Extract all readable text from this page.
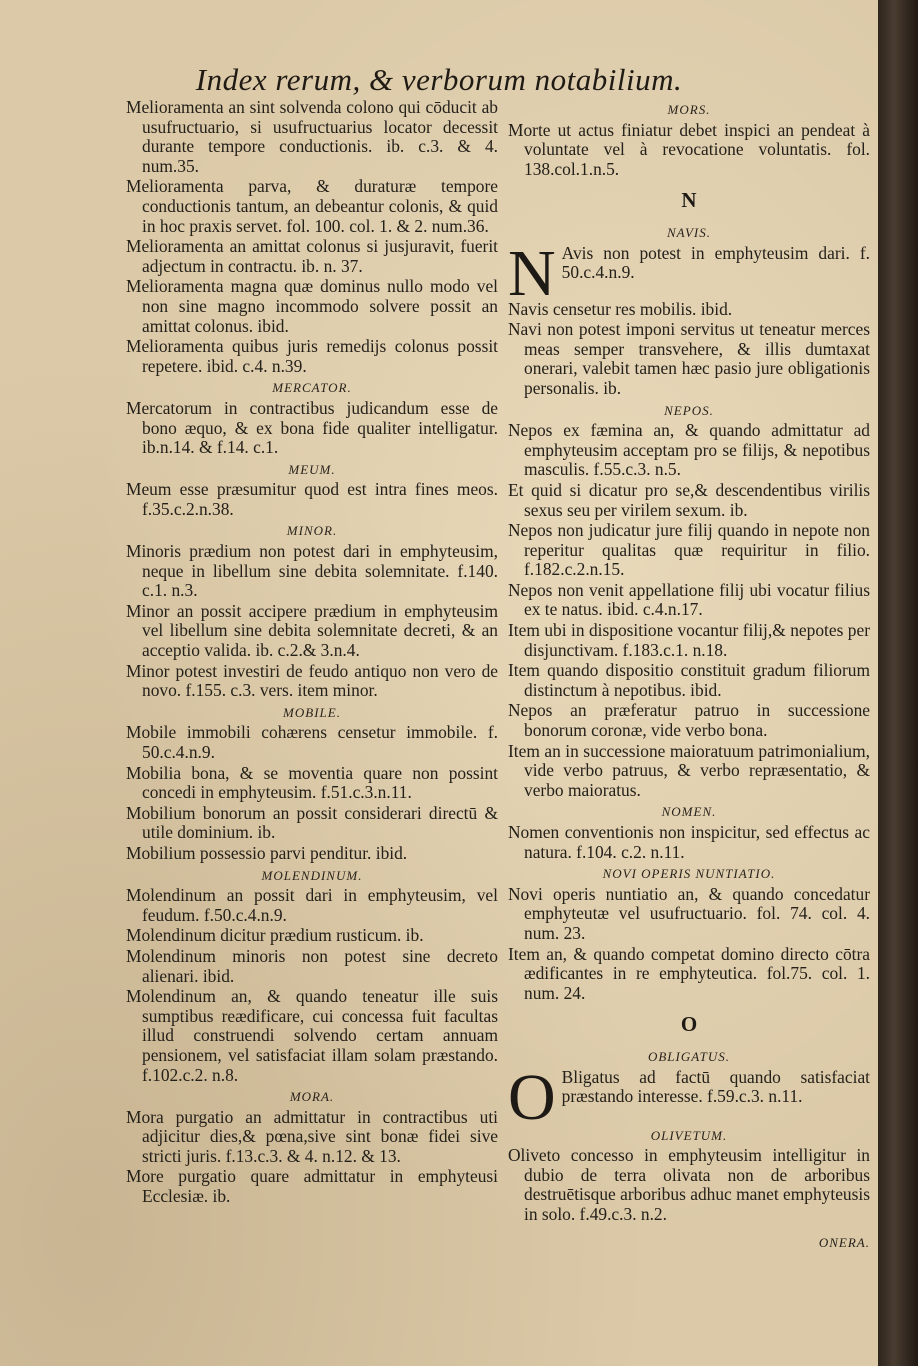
Index rerum, & verborum notabilium.
Melioramenta an sint solvenda colono qui cōducit ab usufructuario, si usufructuarius locator decessit durante tempore conductionis. ib. c.3. & 4. num.35.
Melioramenta parva, & duraturæ tempore conductionis tantum, an debeantur colonis, & quid in hoc praxis servet. fol. 100. col. 1. & 2. num.36.
Melioramenta an amittat colonus si jusjuravit, fuerit adjectum in contractu. ib. n. 37.
Melioramenta magna quæ dominus nullo modo vel non sine magno incommodo solvere possit an amittat colonus. ibid.
Melioramenta quibus juris remedijs colonus possit repetere. ibid. c.4. n.39.
MERCATOR.
Mercatorum in contractibus judicandum esse de bono æquo, & ex bona fide qualiter intelligatur. ib.n.14. & f.14. c.1.
MEUM.
Meum esse præsumitur quod est intra fines meos. f.35.c.2.n.38.
MINOR.
Minoris prædium non potest dari in emphyteusim, neque in libellum sine debita solemnitate. f.140. c.1. n.3.
Minor an possit accipere prædium in emphyteusim vel libellum sine debita solemnitate decreti, & an acceptio valida. ib. c.2.& 3.n.4.
Minor potest investiri de feudo antiquo non vero de novo. f.155. c.3. vers. item minor.
MOBILE.
Mobile immobili cohærens censetur immobile. f. 50.c.4.n.9.
Mobilia bona, & se moventia quare non possint concedi in emphyteusim. f.51.c.3.n.11.
Mobilium bonorum an possit considerari directū & utile dominium. ib.
Mobilium possessio parvi penditur. ibid.
MOLENDINUM.
Molendinum an possit dari in emphyteusim, vel feudum. f.50.c.4.n.9.
Molendinum dicitur prædium rusticum. ib.
Molendinum minoris non potest sine decreto alienari. ibid.
Molendinum an, & quando teneatur ille suis sumptibus reædificare, cui concessa fuit facultas illud construendi solvendo certam annuam pensionem, vel satisfaciat illam solam præstando. f.102.c.2. n.8.
MORA.
Mora purgatio an admittatur in contractibus uti adjicitur dies,& pœna,sive sint bonæ fidei sive stricti juris. f.13.c.3. & 4. n.12. & 13.
More purgatio quare admittatur in emphyteusi Ecclesiæ. ib.
MORS.
Morte ut actus finiatur debet inspici an pendeat à voluntate vel à revocatione voluntatis. fol. 138.col.1.n.5.
N
NAVIS.
N Avis non potest in emphyteusim dari. f. 50.c.4.n.9.
Navis censetur res mobilis. ibid.
Navi non potest imponi servitus ut teneatur merces meas semper transvehere, & illis dumtaxat onerari, valebit tamen hæc pasio jure obligationis personalis. ib.
NEPOS.
Nepos ex fæmina an, & quando admittatur ad emphyteusim acceptam pro se filijs, & nepotibus masculis. f.55.c.3. n.5.
Et quid si dicatur pro se,& descendentibus virilis sexus seu per virilem sexum. ib.
Nepos non judicatur jure filij quando in nepote non reperitur qualitas quæ requiritur in filio. f.182.c.2.n.15.
Nepos non venit appellatione filij ubi vocatur filius ex te natus. ibid. c.4.n.17.
Item ubi in dispositione vocantur filij,& nepotes per disjunctivam. f.183.c.1. n.18.
Item quando dispositio constituit gradum filiorum distinctum à nepotibus. ibid.
Nepos an præferatur patruo in successione bonorum coronæ, vide verbo bona.
Item an in successione maioratuum patrimonialium, vide verbo patruus, & verbo repræsentatio, & verbo maioratus.
NOMEN.
Nomen conventionis non inspicitur, sed effectus ac natura. f.104. c.2. n.11.
NOVI OPERIS NUNTIATIO.
Novi operis nuntiatio an, & quando concedatur emphyteutæ vel usufructuario. fol. 74. col. 4. num. 23.
Item an, & quando competat domino directo cōtra ædificantes in re emphyteutica. fol.75. col. 1. num. 24.
O
OBLIGATUS.
O Bligatus ad factū quando satisfaciat præstando interesse. f.59.c.3. n.11.
OLIVETUM.
Oliveto concesso in emphyteusim intelligitur in dubio de terra olivata non de arboribus destruētisque arboribus adhuc manet emphyteusis in solo. f.49.c.3. n.2.
ONERA.
